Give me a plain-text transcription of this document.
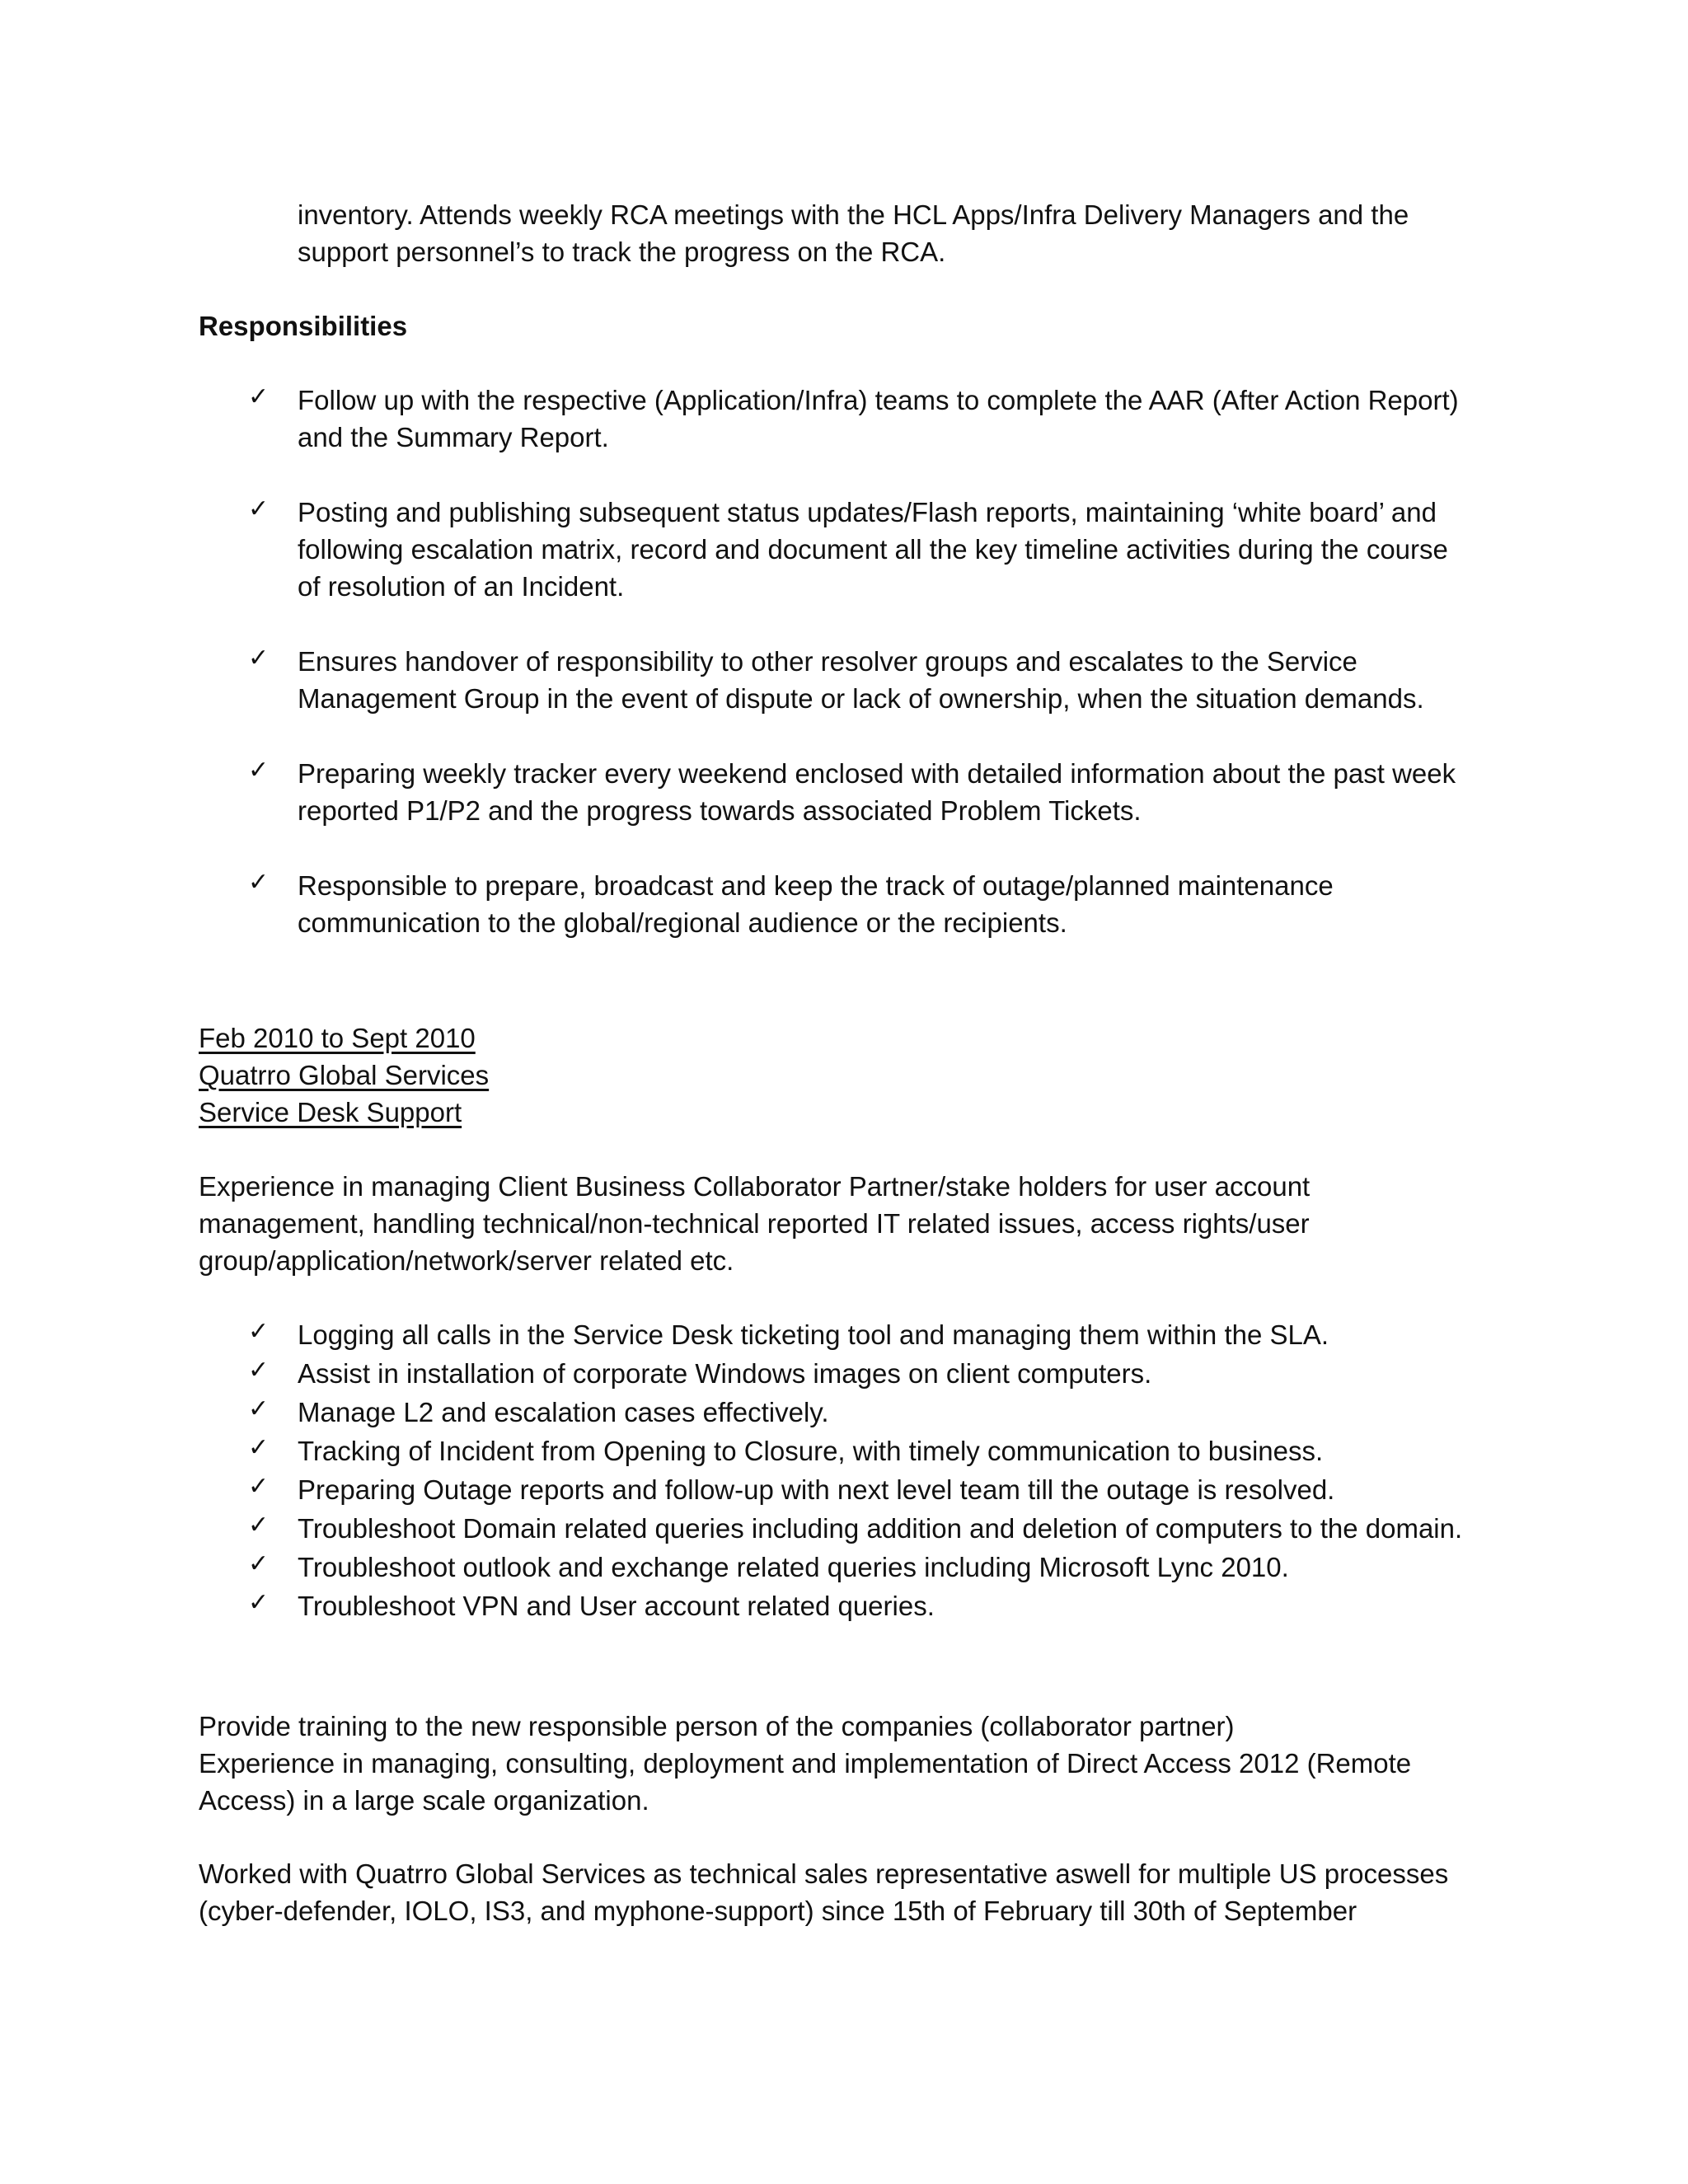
inventory. Attends weekly RCA meetings with the HCL Apps/Infra Delivery Managers and the support personnel’s to track the progress on the RCA.

Responsibilities

✓ Follow up with the respective (Application/Infra) teams to complete the AAR (After Action Report) and the Summary Report.
✓ Posting and publishing subsequent status updates/Flash reports, maintaining ‘white board’ and following escalation matrix, record and document all the key timeline activities during the course of resolution of an Incident.
✓ Ensures handover of responsibility to other resolver groups and escalates to the Service Management Group in the event of dispute or lack of ownership, when the situation demands.
✓ Preparing weekly tracker every weekend enclosed with detailed information about the past week reported P1/P2 and the progress towards associated Problem Tickets.
✓ Responsible to prepare, broadcast and keep the track of outage/planned maintenance communication to the global/regional audience or the recipients.

Feb 2010 to Sept 2010

Quatrro Global Services

Service Desk Support

Experience in managing Client Business Collaborator Partner/stake holders for user account management, handling technical/non-technical reported IT related issues, access rights/user group/application/network/server related etc.

✓ Logging all calls in the Service Desk ticketing tool and managing them within the SLA.
✓ Assist in installation of corporate Windows images on client computers.
✓ Manage L2 and escalation cases effectively.
✓ Tracking of Incident from Opening to Closure, with timely communication to business.
✓ Preparing Outage reports and follow-up with next level team till the outage is resolved.
✓ Troubleshoot Domain related queries including addition and deletion of computers to the domain.
✓ Troubleshoot outlook and exchange related queries including Microsoft Lync 2010.
✓ Troubleshoot VPN and User account related queries.

Provide training to the new responsible person of the companies (collaborator partner)

Experience in managing, consulting, deployment and implementation of Direct Access 2012 (Remote Access) in a large scale organization.

Worked with Quatrro Global Services as technical sales representative aswell for multiple US processes (cyber-defender, IOLO, IS3, and myphone-support) since 15th of February till 30th of September
